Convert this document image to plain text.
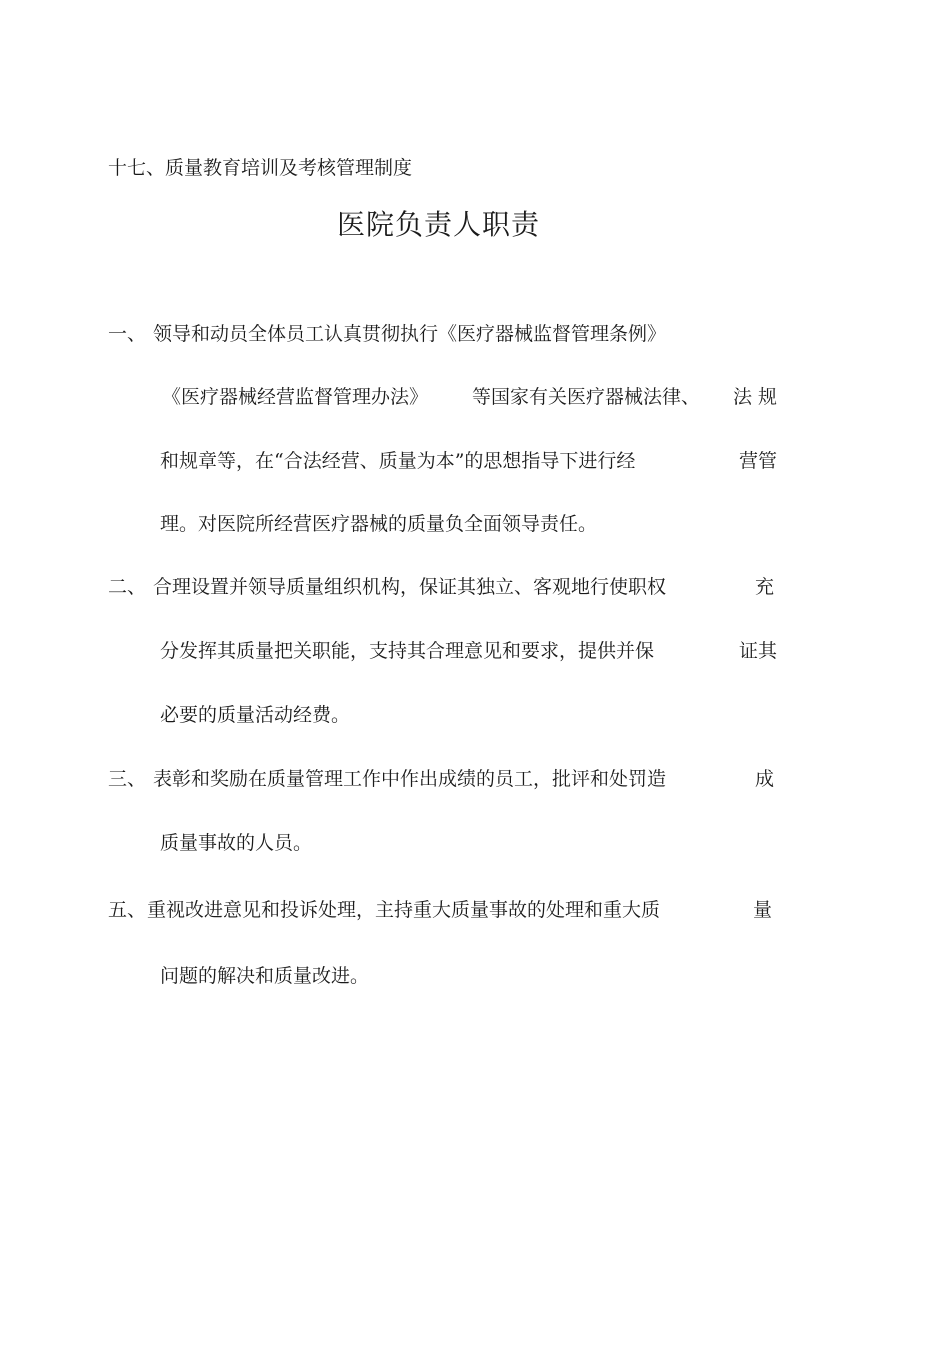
十七、质量教育培训及考核管理制度
医院负责人职责
一、 领导和动员全体员工认真贯彻执行《医疗器械监督管理条例》
《医疗器械经营监督管理办法》 等国家有关医疗器械法律、 法 规
和规章等，在“合法经营、质量为本”的思想指导下进行经	营管
理。对医院所经营医疗器械的质量负全面领导责任。
二、 合理设置并领导质量组织机构，保证其独立、客观地行使职权	充
分发挥其质量把关职能，支持其合理意见和要求，提供并保	证其
必要的质量活动经费。
三、 表彰和奖励在质量管理工作中作出成绩的员工，批评和处罚造	成
质量事故的人员。
五、 重视改进意见和投诉处理，主持重大质量事故的处理和重大质	量
问题的解决和质量改进。
